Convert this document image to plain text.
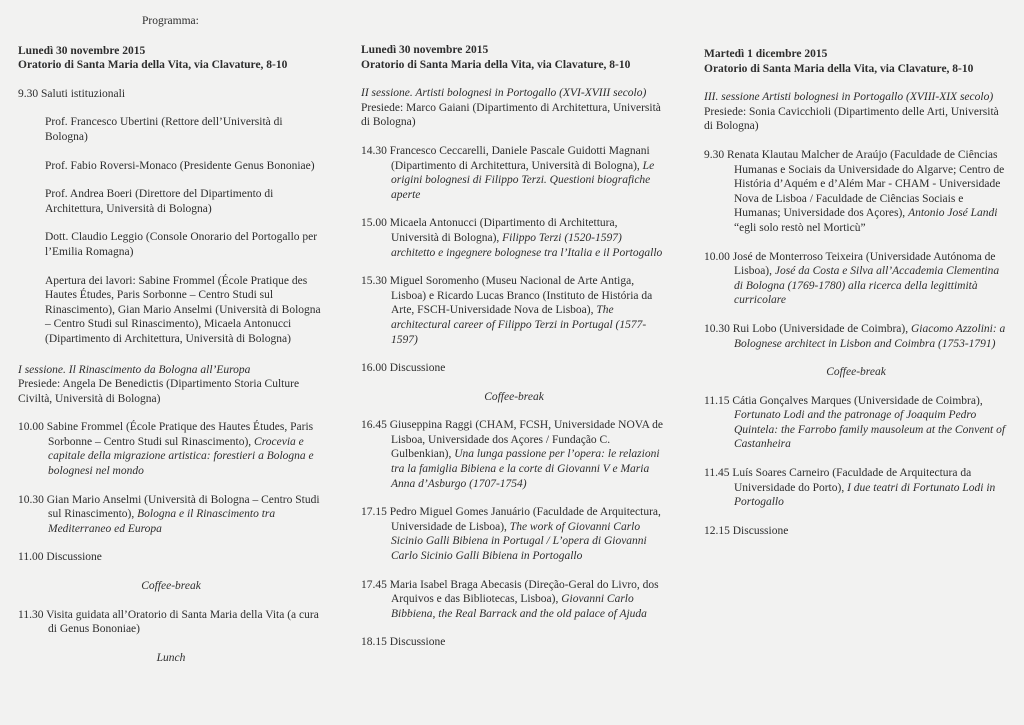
Programma:
Lunedì 30 novembre 2015
Oratorio di Santa Maria della Vita, via Clavature, 8-10
9.30 Saluti istituzionali
Prof. Francesco Ubertini (Rettore dell’Università di Bologna)
Prof. Fabio Roversi-Monaco (Presidente Genus Bononiae)
Prof. Andrea Boeri (Direttore del Dipartimento di Architettura, Università di Bologna)
Dott. Claudio Leggio (Console Onorario del Portogallo per l’Emilia Romagna)
Apertura dei lavori: Sabine Frommel (École Pratique des Hautes Études, Paris Sorbonne – Centro Studi sul Rinascimento), Gian Mario Anselmi (Università di Bologna – Centro Studi sul Rinascimento), Micaela Antonucci (Dipartimento di Architettura, Università di Bologna)
I sessione. Il Rinascimento da Bologna all’Europa
Presiede: Angela De Benedictis (Dipartimento Storia Culture Civiltà, Università di Bologna)
10.00 Sabine Frommel (École Pratique des Hautes Études, Paris Sorbonne – Centro Studi sul Rinascimento), Crocevia e capitale della migrazione artistica: forestieri a Bologna e bolognesi nel mondo
10.30 Gian Mario Anselmi (Università di Bologna – Centro Studi sul Rinascimento), Bologna e il Rinascimento tra Mediterraneo ed Europa
11.00 Discussione
Coffee-break
11.30 Visita guidata all’Oratorio di Santa Maria della Vita (a cura di Genus Bononiae)
Lunch
Lunedì 30 novembre 2015
Oratorio di Santa Maria della Vita, via Clavature, 8-10
II sessione. Artisti bolognesi in Portogallo (XVI-XVIII secolo)
Presiede: Marco Gaiani (Dipartimento di Architettura, Università di Bologna)
14.30 Francesco Ceccarelli, Daniele Pascale Guidotti Magnani (Dipartimento di Architettura, Università di Bologna), Le origini bolognesi di Filippo Terzi. Questioni biografiche aperte
15.00 Micaela Antonucci (Dipartimento di Architettura, Università di Bologna), Filippo Terzi (1520-1597) architetto e ingegnere bolognese tra l’Italia e il Portogallo
15.30 Miguel Soromenho (Museu Nacional de Arte Antiga, Lisboa) e Ricardo Lucas Branco (Instituto de História da Arte, FSCH-Universidade Nova de Lisboa), The architectural career of Filippo Terzi in Portugal (1577-1597)
16.00 Discussione
Coffee-break
16.45 Giuseppina Raggi (CHAM, FCSH, Universidade NOVA de Lisboa, Universidade dos Açores / Fundação C. Gulbenkian), Una lunga passione per l’opera: le relazioni tra la famiglia Bibiena e la corte di Giovanni V e Maria Anna d’Asburgo (1707-1754)
17.15 Pedro Miguel Gomes Januário (Faculdade de Arquitectura, Universidade de Lisboa), The work of Giovanni Carlo Sicinio Galli Bibiena in Portugal / L’opera di Giovanni Carlo Sicinio Galli Bibiena in Portogallo
17.45 Maria Isabel Braga Abecasis (Direção-Geral do Livro, dos Arquivos e das Bibliotecas, Lisboa), Giovanni Carlo Bibbiena, the Real Barrack and the old palace of Ajuda
18.15 Discussione
Martedì 1 dicembre 2015
Oratorio di Santa Maria della Vita, via Clavature, 8-10
III. sessione Artisti bolognesi in Portogallo (XVIII-XIX secolo)
Presiede: Sonia Cavicchioli (Dipartimento delle Arti, Università di Bologna)
9.30 Renata Klautau Malcher de Araújo (Faculdade de Ciências Humanas e Sociais da Universidade do Algarve; Centro de História d’Aquém e d’Além Mar - CHAM - Universidade Nova de Lisboa / Faculdade de Ciências Sociais e Humanas; Universidade dos Açores), Antonio José Landi “egli solo restò nel Morticù”
10.00 José de Monterroso Teixeira (Universidade Autónoma de Lisboa), José da Costa e Silva all’Accademia Clementina di Bologna (1769-1780) alla ricerca della legittimità curricolare
10.30 Rui Lobo (Universidade de Coimbra), Giacomo Azzolini: a Bolognese architect in Lisbon and Coimbra (1753-1791)
Coffee-break
11.15 Cátia Gonçalves Marques (Universidade de Coimbra), Fortunato Lodi and the patronage of Joaquim Pedro Quintela: the Farrobo family mausoleum at the Convent of Castanheira
11.45 Luís Soares Carneiro (Faculdade de Arquitectura da Universidade do Porto), I due teatri di Fortunato Lodi in Portogallo
12.15 Discussione
